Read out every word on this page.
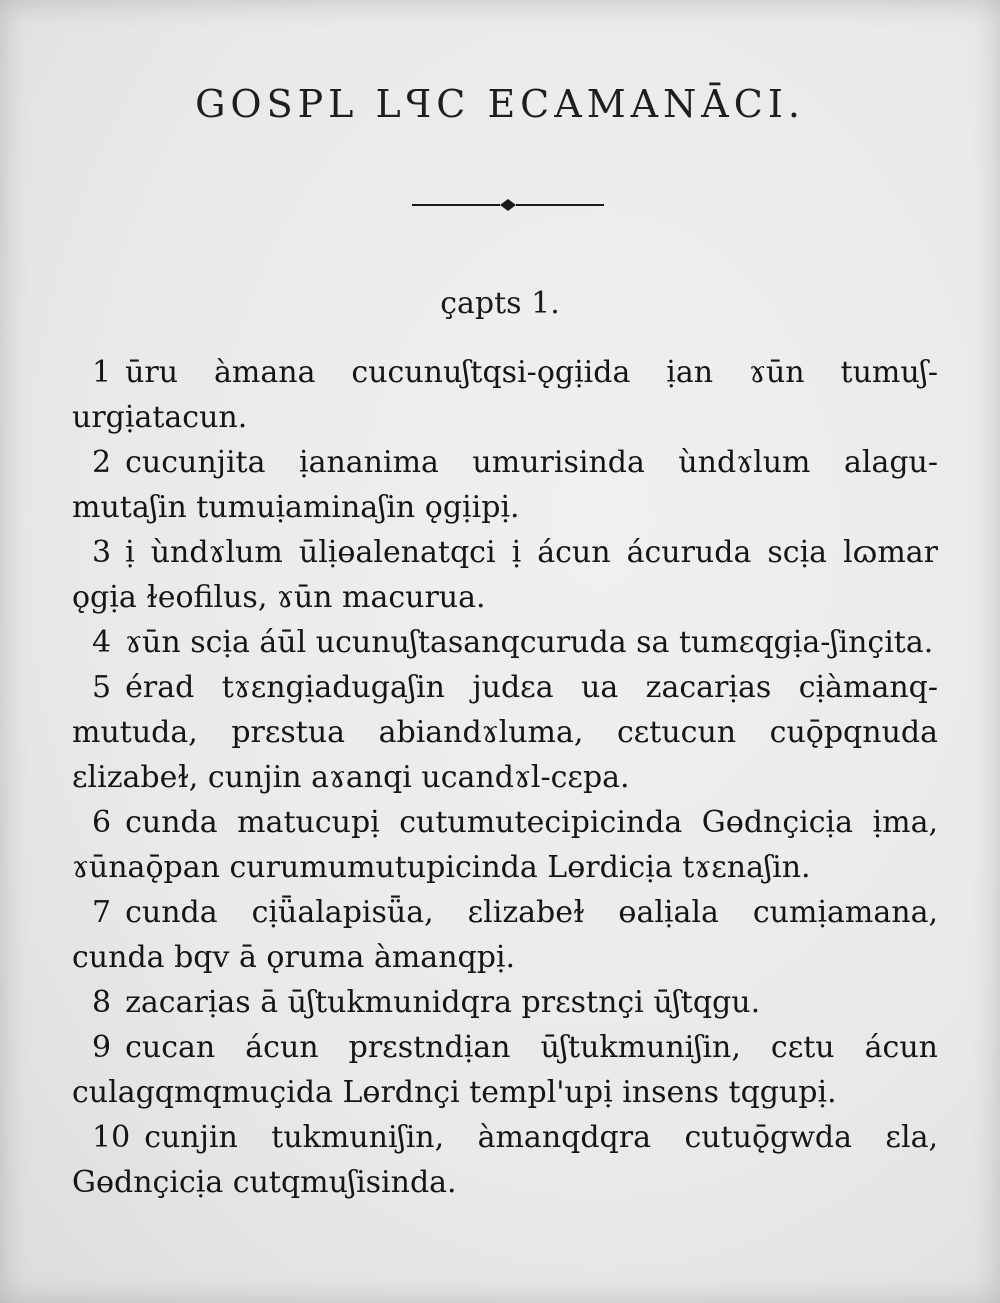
GOSPL LꟼC ECAMANĀCI.
çapts 1.

1 ūru àmana cucunuʃtqsi-ǫgịida ịan ɤūn tumuʃ-urgịatacun.

2 cucunjita ịananima umurisinda ùndɤlum alagu-mutaʃin tumuịaminaʃin ǫgịipị.

3 ị ùndɤlum ūlịɵalenatqci ị ácun ácuruda scịa lɷmar ǫgịa ɫeofilus, ɤūn macurua.

4 ɤūn scịa áūl ucunuʃtasanqcuruda sa tumɛqgịa-ʃinçita.

5 érad tɤɛngịadugaʃin judɛa ua zacarịas cịàmanq-mutuda, prɛstua abiandɤluma, cɛtucun cuǭpqnuda ɛlizabeɫ, cunjin aɤanqi ucandɤl-cɛpa.

6 cunda matucupị cutumutecipicinda Gɵdnçicịa ịma, ɤūnaǭpan curumumutupicinda Lɵrdicịa tɤɛnaʃin.

7 cunda cịǖalapisǖa, ɛlizabeɫ ɵalịala cumịamana, cunda bqv ā ǫruma àmanqpị.

8 zacarịas ā ūʃtukmunidqra prɛstnçi ūʃtqgu.

9 cucan ácun prɛstndịan ūʃtukmuniʃin, cɛtu ácun culagqmqmuçida Lɵrdnçi templ'upị insens tqgupị.

10 cunjin tukmuniʃin, àmanqdqra cutuǭgwda ɛla, Gɵdnçicịa cutqmuʃisinda.
